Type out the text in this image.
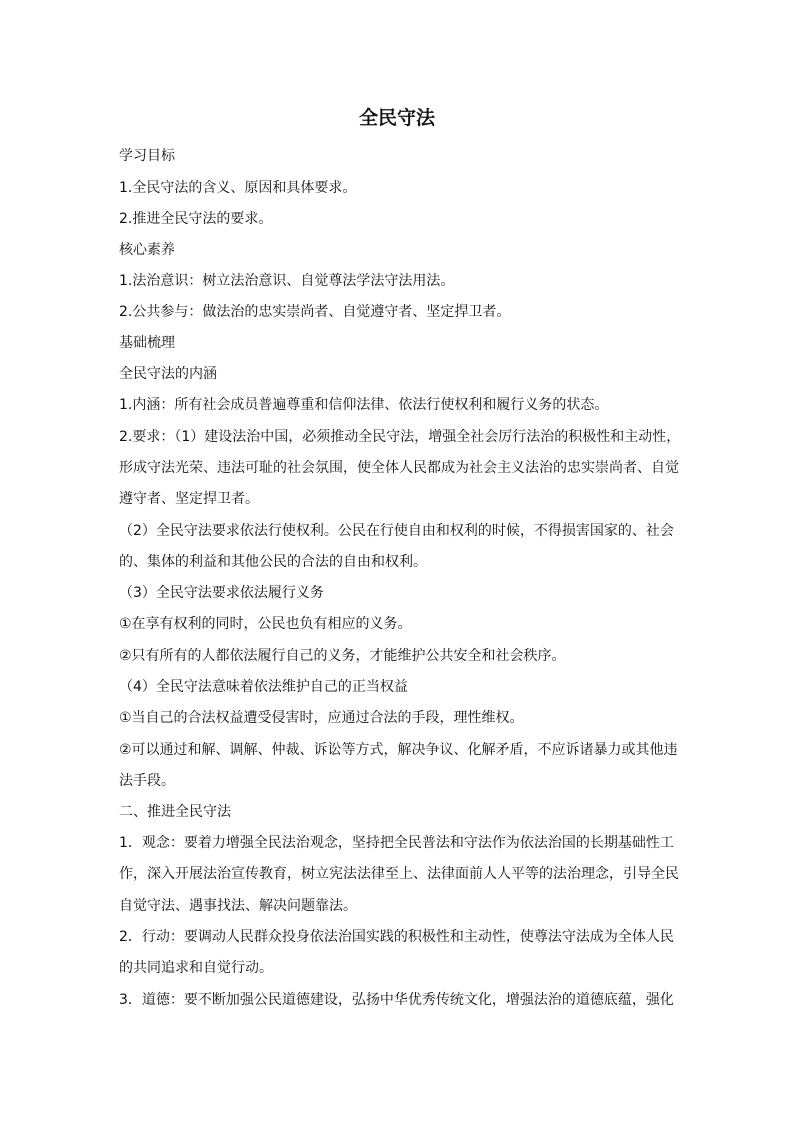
全民守法
学习目标
1.全民守法的含义、原因和具体要求。
2.推进全民守法的要求。
核心素养
1.法治意识：树立法治意识、自觉尊法学法守法用法。
2.公共参与：做法治的忠实崇尚者、自觉遵守者、坚定捍卫者。
基础梳理
全民守法的内涵
1.内涵：所有社会成员普遍尊重和信仰法律、依法行使权利和履行义务的状态。
2.要求：（1）建设法治中国，必须推动全民守法，增强全社会厉行法治的积极性和主动性，
形成守法光荣、违法可耻的社会氛围，使全体人民都成为社会主义法治的忠实崇尚者、自觉
遵守者、坚定捍卫者。
（2）全民守法要求依法行使权利。公民在行使自由和权利的时候，不得损害国家的、社会
的、集体的利益和其他公民的合法的自由和权利。
（3）全民守法要求依法履行义务
①在享有权利的同时，公民也负有相应的义务。
②只有所有的人都依法履行自己的义务，才能维护公共安全和社会秩序。
（4）全民守法意味着依法维护自己的正当权益
①当自己的合法权益遭受侵害时，应通过合法的手段，理性维权。
②可以通过和解、调解、仲裁、诉讼等方式，解决争议、化解矛盾，不应诉诸暴力或其他违
法手段。
二、推进全民守法
1．观念：要着力增强全民法治观念，坚持把全民普法和守法作为依法治国的长期基础性工
作，深入开展法治宣传教育，树立宪法法律至上、法律面前人人平等的法治理念，引导全民
自觉守法、遇事找法、解决问题靠法。
2．行动：要调动人民群众投身依法治国实践的积极性和主动性，使尊法守法成为全体人民
的共同追求和自觉行动。
3．道德：要不断加强公民道德建设，弘扬中华优秀传统文化，增强法治的道德底蕴，强化
